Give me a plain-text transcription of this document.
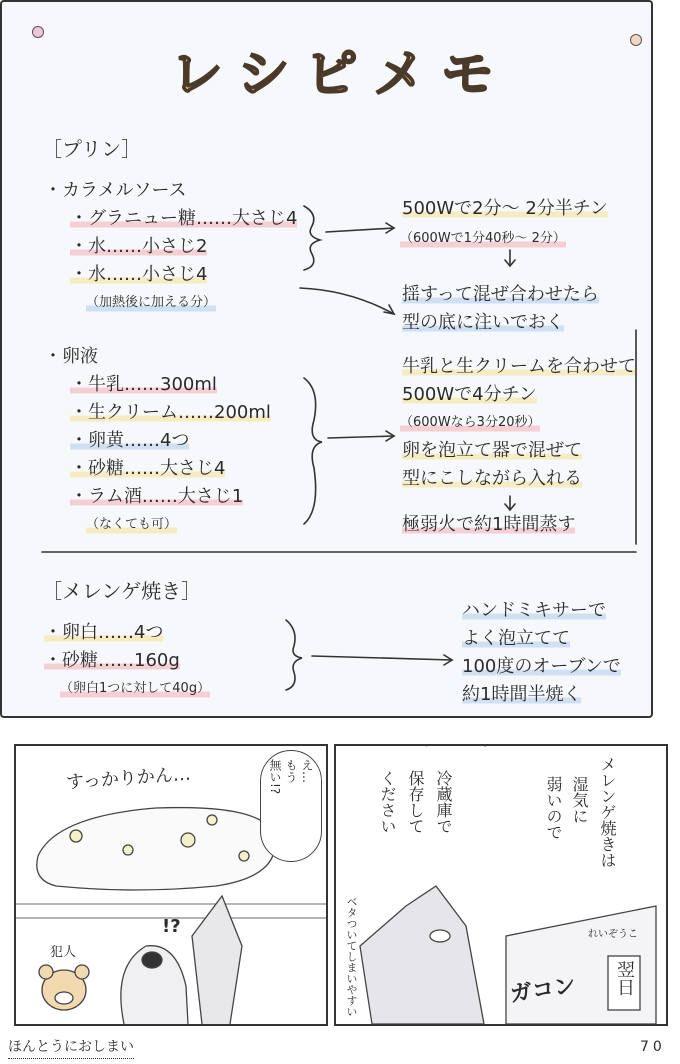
レシピメモ
［プリン］
・カラメルソース
・グラニュー糖……大さじ4
・水……小さじ2
・水……小さじ4
（加熱後に加える分）
・卵液
・牛乳……300ml
・生クリーム……200ml
・卵黄……4つ
・砂糖……大さじ4
・ラム酒……大さじ1
（なくても可）
500Wで2分～ 2分半チン
（600Wで1分40秒～ 2分）
揺すって混ぜ合わせたら
型の底に注いでおく
牛乳と生クリームを合わせて
500Wで4分チン
（600Wなら3分20秒）
卵を泡立て器で混ぜて
型にこしながら入れる
極弱火で約1時間蒸す
［メレンゲ焼き］
・卵白……4つ
・砂糖……160g
（卵白1つに対して40g）
ハンドミキサーで
よく泡立てて
100度のオーブンで
約1時間半焼く
すっかりかん…	無い!? もう え…
!?
犯人
メレンゲ焼きは
湿気に
弱いので
冷蔵庫で
保存して
ください
ベタついてしまいやすい	れいぞうこ
ガコン 翌日
ほんとうにおしまい	70
